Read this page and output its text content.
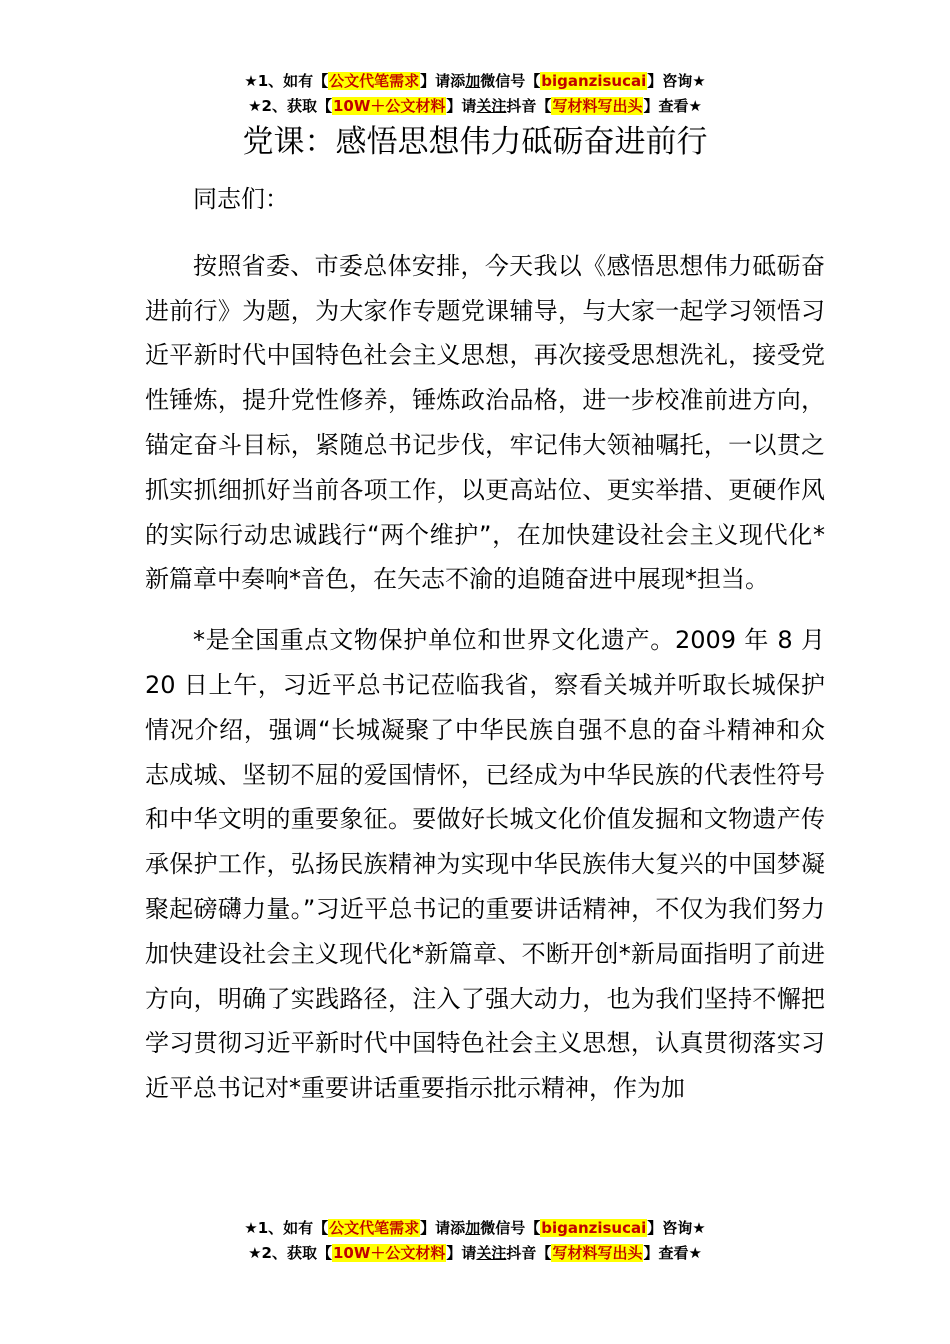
★1、如有【公文代笔需求】请添加微信号【biganzisucai】咨询★
★2、获取【10W＋公文材料】请关注抖音【写材料写出头】查看★
党课：感悟思想伟力砥砺奋进前行

同志们：

按照省委、市委总体安排，今天我以《感悟思想伟力砥砺奋进前行》为题，为大家作专题党课辅导，与大家一起学习领悟习近平新时代中国特色社会主义思想，再次接受思想洗礼，接受党性锤炼，提升党性修养，锤炼政治品格，进一步校准前进方向，锚定奋斗目标，紧随总书记步伐，牢记伟大领袖嘱托，一以贯之抓实抓细抓好当前各项工作，以更高站位、更实举措、更硬作风的实际行动忠诚践行“两个维护”，在加快建设社会主义现代化*新篇章中奏响*音色，在矢志不渝的追随奋进中展现*担当。

*是全国重点文物保护单位和世界文化遗产。2009 年 8 月 20 日上午，习近平总书记莅临我省，察看关城并听取长城保护情况介绍，强调“长城凝聚了中华民族自强不息的奋斗精神和众志成城、坚韧不屈的爱国情怀，已经成为中华民族的代表性符号和中华文明的重要象征。要做好长城文化价值发掘和文物遗产传承保护工作，弘扬民族精神为实现中华民族伟大复兴的中国梦凝聚起磅礴力量。”习近平总书记的重要讲话精神，不仅为我们努力加快建设社会主义现代化*新篇章、不断开创*新局面指明了前进方向，明确了实践路径，注入了强大动力，也为我们坚持不懈把学习贯彻习近平新时代中国特色社会主义思想，认真贯彻落实习近平总书记对*重要讲话重要指示批示精神，作为加

★1、如有【公文代笔需求】请添加微信号【biganzisucai】咨询★
★2、获取【10W＋公文材料】请关注抖音【写材料写出头】查看★
